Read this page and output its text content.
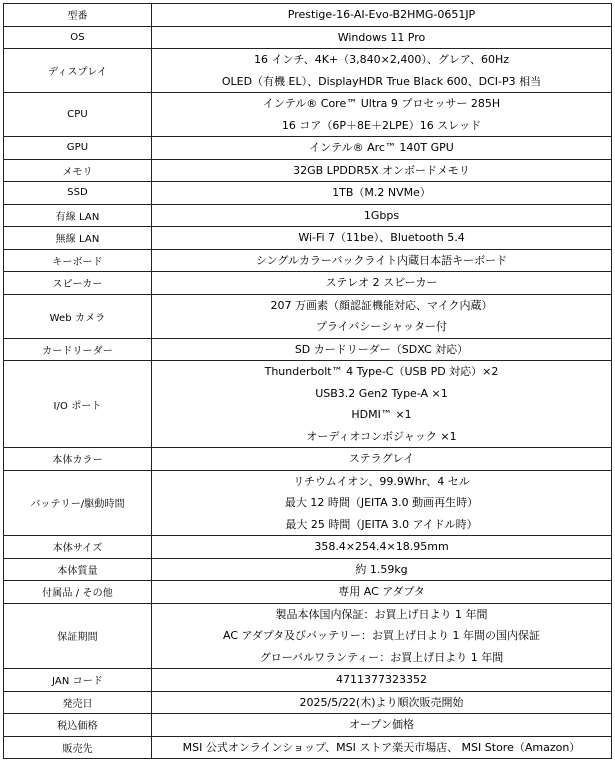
型番	Prestige-16-AI-Evo-B2HMG-0651JP

OS	Windows 11 Pro

ディスプレイ	16 インチ、4K+（3,840×2,400）、グレア、60Hz
OLED（有機 EL）、DisplayHDR True Black 600、DCI-P3 相当

CPU	インテル® Core™ Ultra 9 プロセッサー 285H
16 コア（6P＋8E＋2LPE）16 スレッド

GPU	インテル® Arc™ 140T GPU

メモリ	32GB LPDDR5X オンボードメモリ

SSD	1TB（M.2 NVMe）

有線 LAN	1Gbps

無線 LAN	Wi-Fi 7（11be）、Bluetooth 5.4

キーボード	シングルカラーバックライト内蔵日本語キーボード

スピーカー	ステレオ 2 スピーカー

Web カメラ	207 万画素（顔認証機能対応、マイク内蔵）
プライバシーシャッター付

カードリーダー	SD カードリーダー（SDXC 対応）

I/O ポート	Thunderbolt™ 4 Type-C（USB PD 対応）×2
USB3.2 Gen2 Type-A ×1
HDMI™ ×1
オーディオコンボジャック ×1

本体カラー	ステラグレイ

バッテリー/駆動時間	リチウムイオン、99.9Whr、4 セル
最大 12 時間（JEITA 3.0 動画再生時）
最大 25 時間（JEITA 3.0 アイドル時）

本体サイズ	358.4×254.4×18.95mm

本体質量	約 1.59kg

付属品 / その他	専用 AC アダプタ

保証期間	製品本体国内保証：お買上げ日より 1 年間
AC アダプタ及びバッテリー：お買上げ日より 1 年間の国内保証
グローバルワランティー：お買上げ日より 1 年間

JAN コード	4711377323352

発売日	2025/5/22(木)より順次販売開始

税込価格	オープン価格

販売先	MSI 公式オンラインショップ、MSI ストア楽天市場店、 MSI Store（Amazon）
